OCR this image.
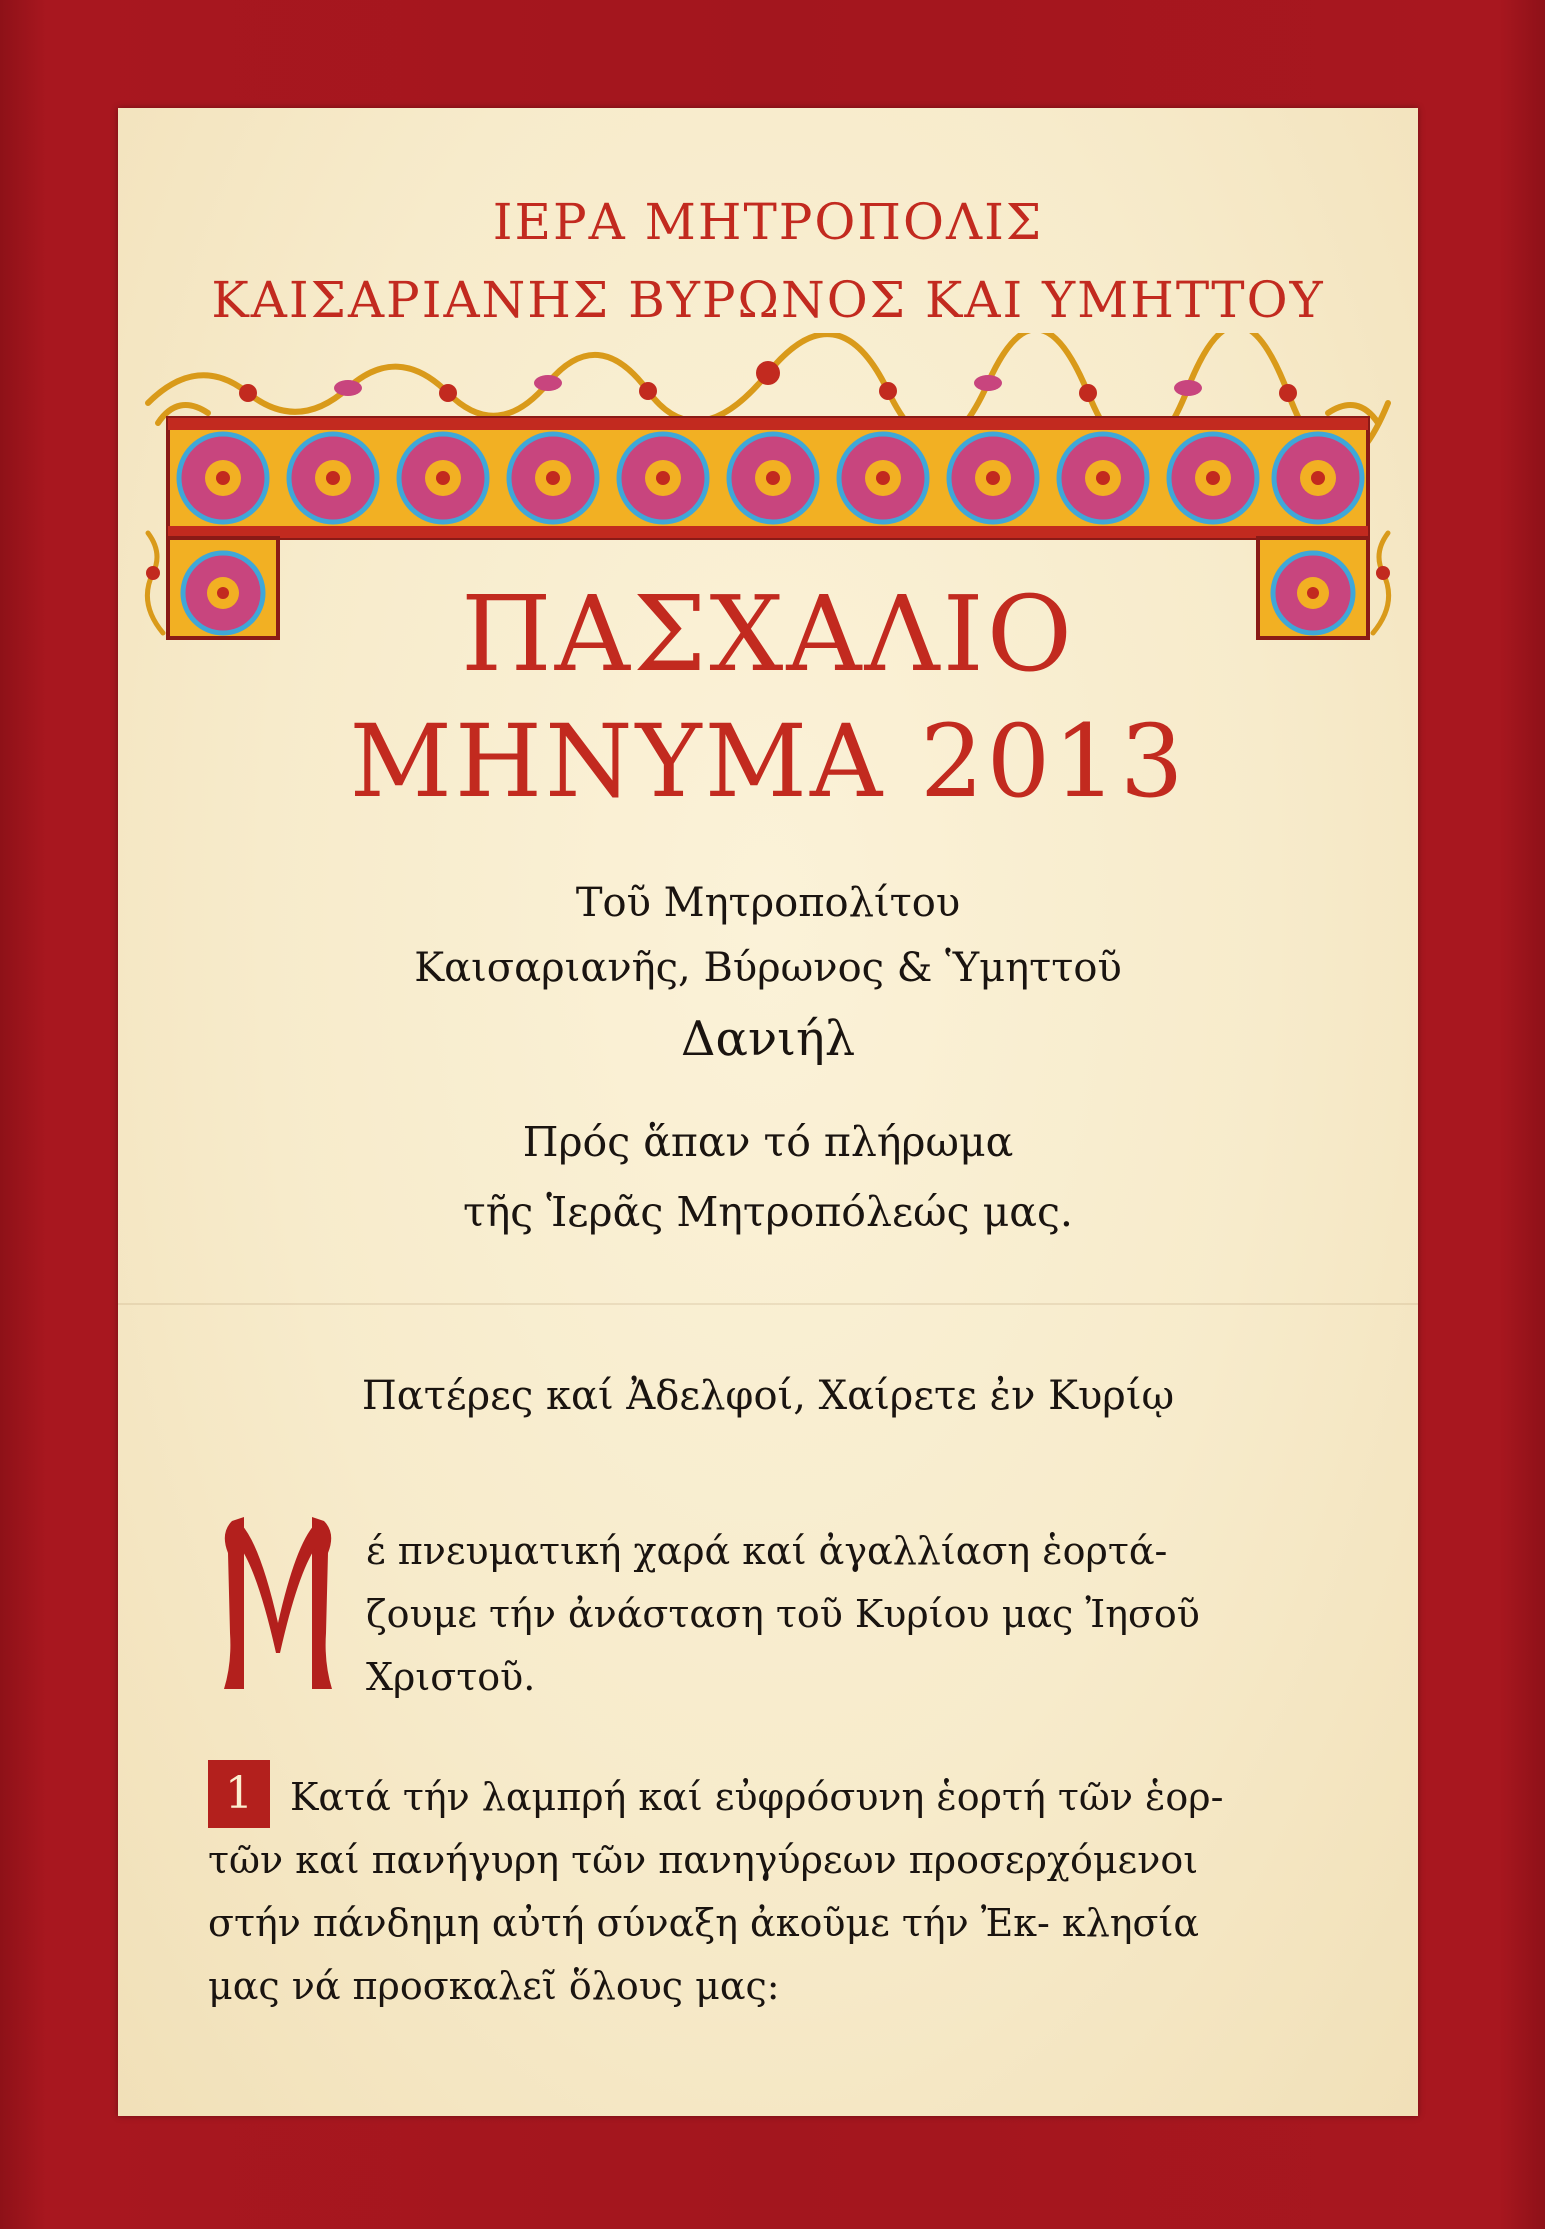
ΙΕΡΑ ΜΗΤΡΟΠΟΛΙΣ
ΚΑΙΣΑΡΙΑΝΗΣ ΒΥΡΩΝΟΣ ΚΑΙ ΥΜΗΤΤΟΥ
ΠΑΣΧΑΛΙΟ
ΜΗΝΥΜΑ 2013
Τοῦ Μητροπολίτου
Καισαριανῆς, Βύρωνος & Ὑμηττοῦ
Δανιήλ
Πρός ἅπαν τό πλήρωμα
τῆς Ἱερᾶς Μητροπόλεώς μας.
Πατέρες καί Ἀδελφοί, Χαίρετε ἐν Κυρίῳ
έ πνευματική χαρά καί ἀγαλλίαση ἑορτά-
ζουμε τήν ἀνάσταση τοῦ Κυρίου μας Ἰησοῦ
Χριστοῦ.
1 Κατά τήν λαμπρή καί εὐφρόσυνη ἑορτή τῶν ἑορ-
τῶν καί πανήγυρη τῶν πανηγύρεων προσερχόμενοι
στήν πάνδημη αὐτή σύναξη ἀκοῦμε τήν Ἐκ- κλησία
μας νά προσκαλεῖ ὅλους μας:
